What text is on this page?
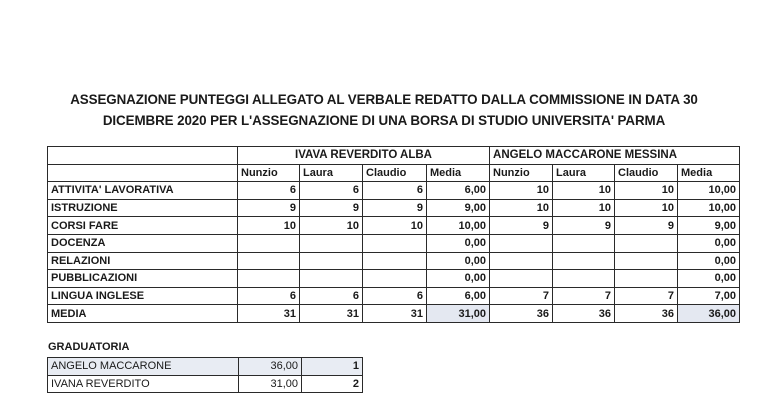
ASSEGNAZIONE PUNTEGGI ALLEGATO AL VERBALE REDATTO DALLA COMMISSIONE IN DATA 30
DICEMBRE 2020 PER L'ASSEGNAZIONE DI UNA BORSA DI STUDIO UNIVERSITA' PARMA
	IVAVA REVERDITO ALBA				ANGELO MACCARONE MESSINA			
	Nunzio	Laura	Claudio	Media	Nunzio	Laura	Claudio	Media
ATTIVITA' LAVORATIVA	6	6	6	6,00	10	10	10	10,00
ISTRUZIONE	9	9	9	9,00	10	10	10	10,00
CORSI FARE	10	10	10	10,00	9	9	9	9,00
DOCENZA				0,00				0,00
RELAZIONI				0,00				0,00
PUBBLICAZIONI				0,00				0,00
LINGUA INGLESE	6	6	6	6,00	7	7	7	7,00
MEDIA	31	31	31	31,00	36	36	36	36,00
GRADUATORIA
ANGELO MACCARONE	36,00	1
IVANA REVERDITO	31,00	2
